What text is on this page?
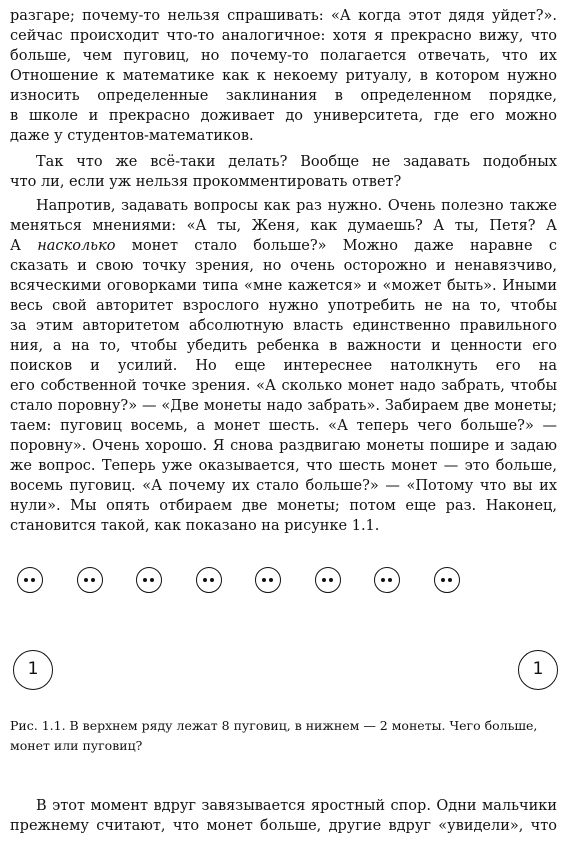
разгаре; почему-то нельзя спрашивать: «А когда этот дядя уйдет?».
сейчас происходит что-то аналогичное: хотя я прекрасно вижу, что
больше, чем пуговиц, но почему-то полагается отвечать, что их
Отношение к математике как к некоему ритуалу, в котором нужно
износить определенные заклинания в определенном порядке,
в школе и прекрасно доживает до университета, где его можно
даже у студентов-математиков.
Так что же всё-таки делать? Вообще не задавать подобных
что ли, если уж нельзя прокомментировать ответ?
Напротив, задавать вопросы как раз нужно. Очень полезно также
меняться мнениями: «А ты, Женя, как думаешь? А ты, Петя? А
А насколько монет стало больше?» Можно даже наравне с
сказать и свою точку зрения, но очень осторожно и ненавязчиво,
всяческими оговорками типа «мне кажется» и «может быть». Иными
весь свой авторитет взрослого нужно употребить не на то, чтобы
за этим авторитетом абсолютную власть единственно правильного
ния, а на то, чтобы убедить ребенка в важности и ценности его
поисков и усилий. Но еще интереснее натолкнуть его на
его собственной точке зрения. «А сколько монет надо забрать, чтобы
стало поровну?» — «Две монеты надо забрать». Забираем две монеты;
таем: пуговиц восемь, а монет шесть. «А теперь чего больше?» —
поровну». Очень хорошо. Я снова раздвигаю монеты пошире и задаю
же вопрос. Теперь уже оказывается, что шесть монет — это больше,
восемь пуговиц. «А почему их стало больше?» — «Потому что вы их
нули». Мы опять отбираем две монеты; потом еще раз. Наконец,
становится такой, как показано на рисунке 1.1.
1	1

Рис. 1.1. В верхнем ряду лежат 8 пуговиц, в нижнем — 2 монеты. Чего больше,
монет или пуговиц?

В этот момент вдруг завязывается яростный спор. Одни мальчики
прежнему считают, что монет больше, другие вдруг «увидели», что
